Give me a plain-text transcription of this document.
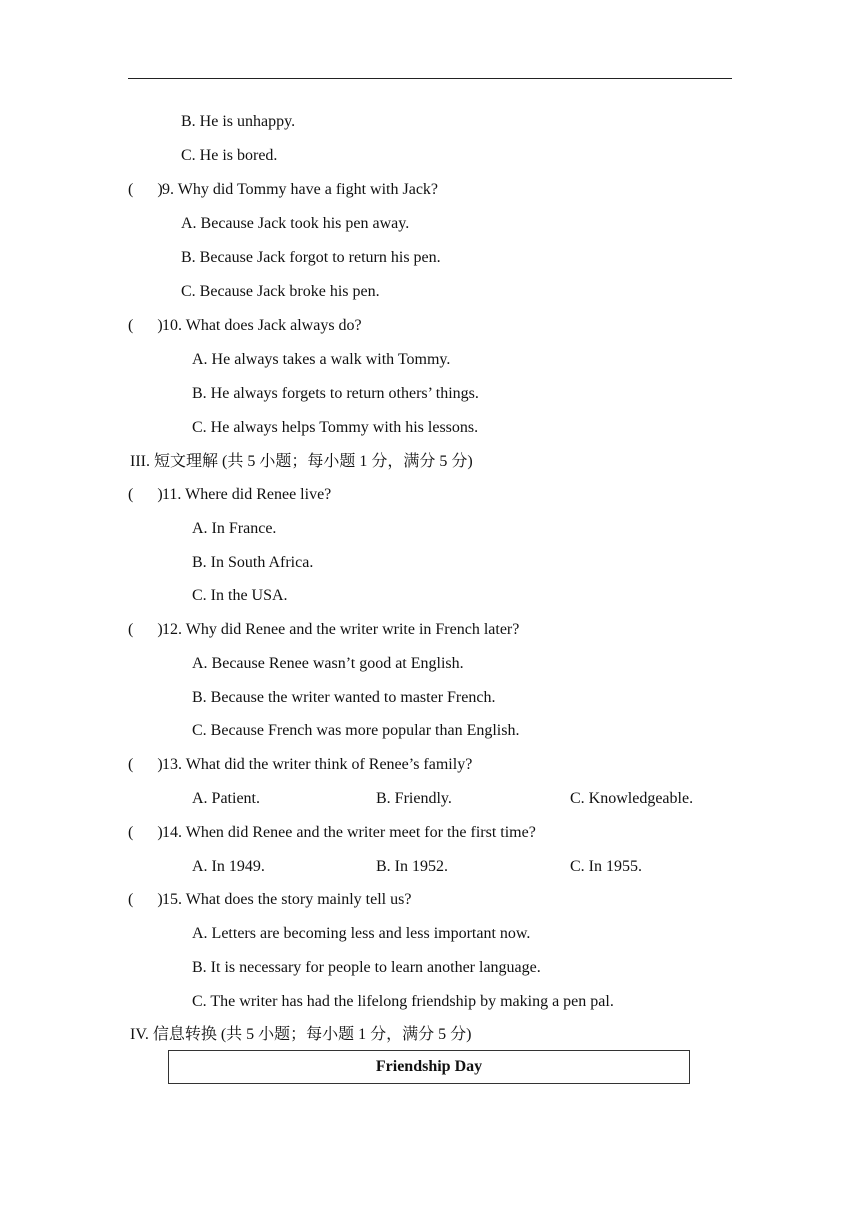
B. He is unhappy.
C. He is bored.
( )9. Why did Tommy have a fight with Jack?
A. Because Jack took his pen away.
B. Because Jack forgot to return his pen.
C. Because Jack broke his pen.
( )10. What does Jack always do?
A. He always takes a walk with Tommy.
B. He always forgets to return others’ things.
C. He always helps Tommy with his lessons.
III. 短文理解 (共 5 小题；每小题 1 分，满分 5 分)
( )11. Where did Renee live?
A. In France.
B. In South Africa.
C. In the USA.
( )12. Why did Renee and the writer write in French later?
A. Because Renee wasn’t good at English.
B. Because the writer wanted to master French.
C. Because French was more popular than English.
( )13. What did the writer think of Renee’s family?
A. Patient.	B. Friendly.	C. Knowledgeable.
( )14. When did Renee and the writer meet for the first time?
A. In 1949.	B. In 1952.	C. In 1955.
( )15. What does the story mainly tell us?
A. Letters are becoming less and less important now.
B. It is necessary for people to learn another language.
C. The writer has had the lifelong friendship by making a pen pal.
IV. 信息转换 (共 5 小题；每小题 1 分，满分 5 分)
Friendship Day
